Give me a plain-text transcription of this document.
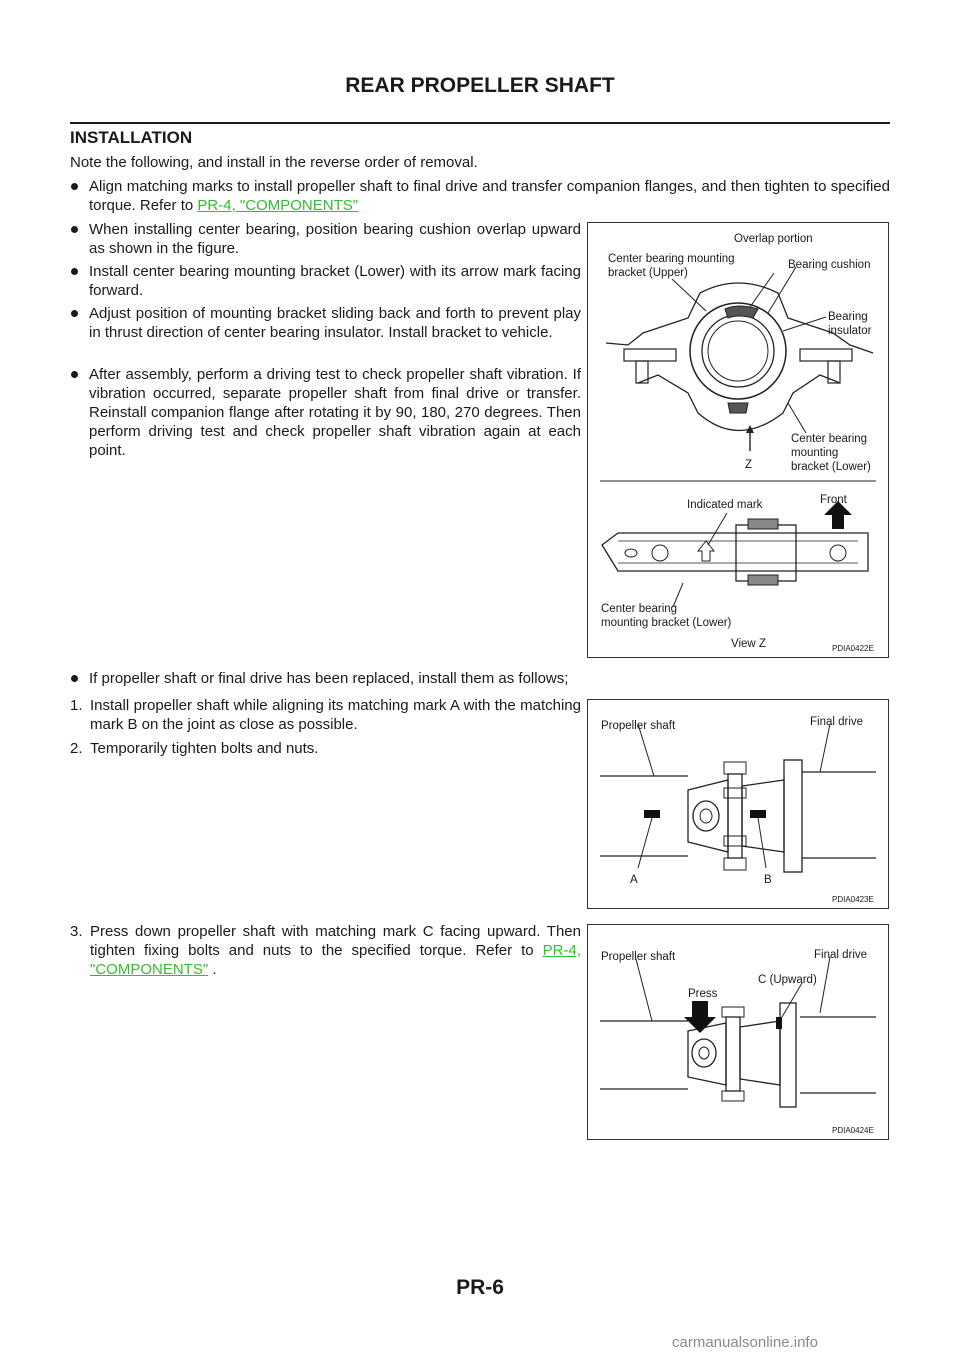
REAR PROPELLER SHAFT
INSTALLATION
Note the following, and install in the reverse order of removal.
Align matching marks to install propeller shaft to final drive and transfer companion flanges, and then tighten to specified torque. Refer to PR-4, "COMPONENTS"
When installing center bearing, position bearing cushion overlap upward as shown in the figure.
Install center bearing mounting bracket (Lower) with its arrow mark facing forward.
Adjust position of mounting bracket sliding back and forth to prevent play in thrust direction of center bearing insulator. Install bracket to vehicle.
After assembly, perform a driving test to check propeller shaft vibration. If vibration occurred, separate propeller shaft from final drive or transfer. Reinstall companion flange after rotating it by 90, 180, 270 degrees. Then perform driving test and check propeller shaft vibration again at each point.
Overlap portion
Center bearing mounting
bracket (Upper)
Bearing cushion
Bearing
insulator
Center bearing
mounting
bracket (Lower)
Z
Indicated mark	Front
Center bearing
mounting bracket (Lower)
View Z	PDIA0422E
If propeller shaft or final drive has been replaced, install them as follows;
1. Install propeller shaft while aligning its matching mark A with the matching mark B on the joint as close as possible.
2. Temporarily tighten bolts and nuts.
Propeller shaft	Final drive
A	B
PDIA0423E
3. Press down propeller shaft with matching mark C facing upward. Then tighten fixing bolts and nuts to the specified torque. Refer to PR-4, "COMPONENTS" .
Propeller shaft	Final drive
C (Upward)
Press
PDIA0424E
PR-6
carmanualsonline.info
